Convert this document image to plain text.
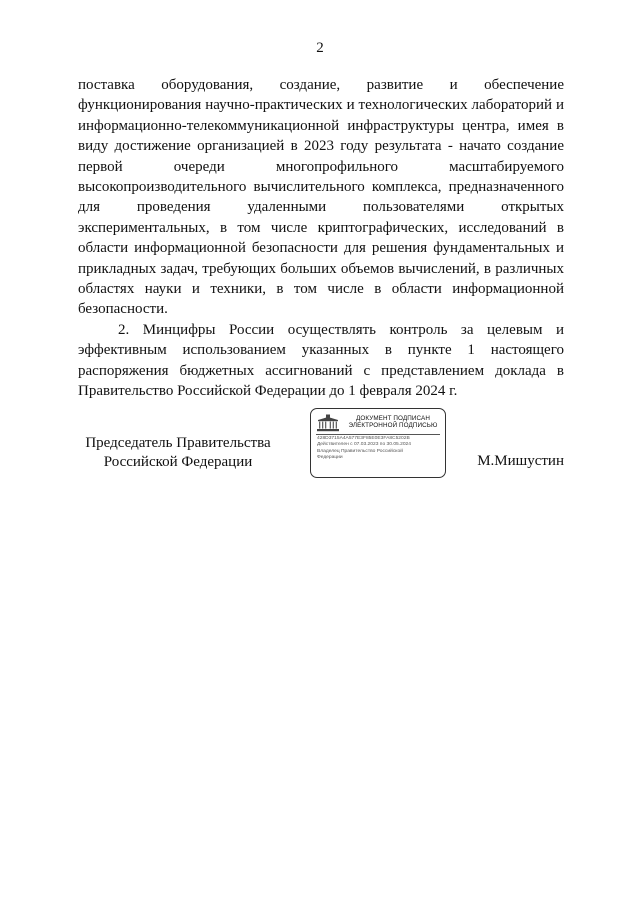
2

поставка оборудования, создание, развитие и обеспечение функционирования научно-практических и технологических лабораторий и информационно-телекоммуникационной инфраструктуры центра, имея в виду достижение организацией в 2023 году результата - начато создание первой очереди многопрофильного масштабируемого высокопроизводительного вычислительного комплекса, предназначенного для проведения удаленными пользователями открытых экспериментальных, в том числе криптографических, исследований в области информационной безопасности для решения фундаментальных и прикладных задач, требующих больших объемов вычислений, в различных областях науки и техники, в том числе в области информационной безопасности.

2. Минцифры России осуществлять контроль за целевым и эффективным использованием указанных в пункте 1 настоящего распоряжения бюджетных ассигнований с представлением доклада в Правительство Российской Федерации до 1 февраля 2024 г.

Председатель Правительства
Российской Федерации
ДОКУМЕНТ ПОДПИСАН
ЭЛЕКТРОННОЙ ПОДПИСЬЮ
428D3715A4A577E3F85E0E3FA8C5202B
Действителен с 07.03.2023 по 30.05.2024
Владелец Правительство Российской
Федерации	М.Мишустин
